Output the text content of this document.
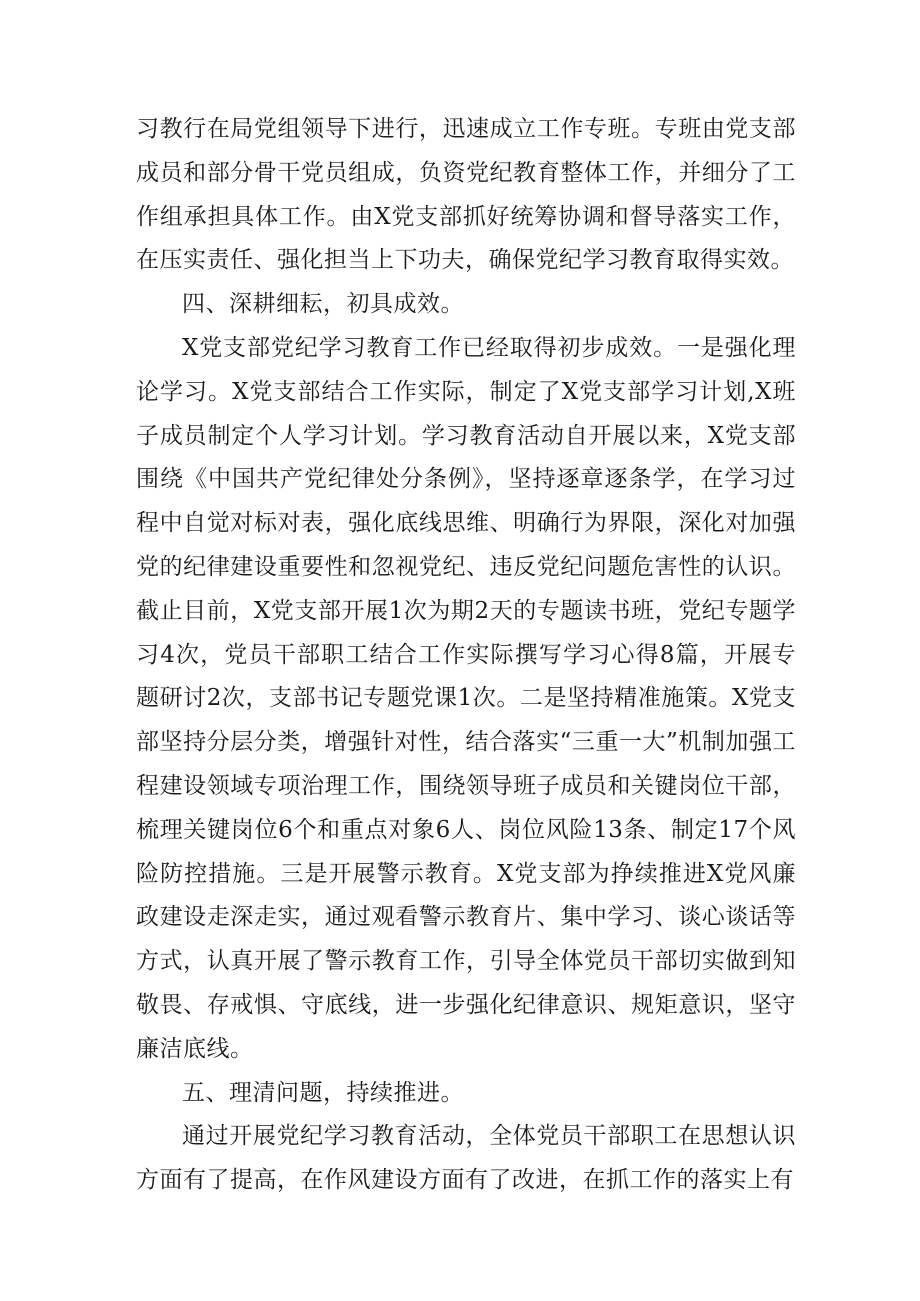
习教行在局党组领导下进行，迅速成立工作专班。专班由党支部成员和部分骨干党员组成，负资党纪教育整体工作，并细分了工作组承担具体工作。由X党支部抓好统筹协调和督导落实工作，在压实责任、强化担当上下功夫，确保党纪学习教育取得实效。

四、深耕细耘，初具成效。

X党支部党纪学习教育工作已经取得初步成效。一是强化理论学习。X党支部结合工作实际，制定了X党支部学习计划,X班子成员制定个人学习计划。学习教育活动自开展以来，X党支部围绕《中国共产党纪律处分条例》，坚持逐章逐条学，在学习过程中自觉对标对表，强化底线思维、明确行为界限，深化对加强党的纪律建设重要性和忽视党纪、违反党纪问题危害性的认识。截止目前，X党支部开展1次为期2天的专题读书班，党纪专题学习4次，党员干部职工结合工作实际撰写学习心得8篇，开展专题研讨2次，支部书记专题党课1次。二是坚持精准施策。X党支部坚持分层分类，增强针对性，结合落实“三重一大”机制加强工程建设领域专项治理工作，围绕领导班子成员和关键岗位干部，梳理关键岗位6个和重点对象6人、岗位风险13条、制定17个风险防控措施。三是开展警示教育。X党支部为挣续推进X党风廉政建设走深走实，通过观看警示教育片、集中学习、谈心谈话等方式，认真开展了警示教育工作，引导全体党员干部切实做到知敬畏、存戒惧、守底线，进一步强化纪律意识、规矩意识，坚守廉洁底线。

五、理清问题，持续推进。

通过开展党纪学习教育活动，全体党员干部职工在思想认识方面有了提高，在作风建设方面有了改进，在抓工作的落实上有
